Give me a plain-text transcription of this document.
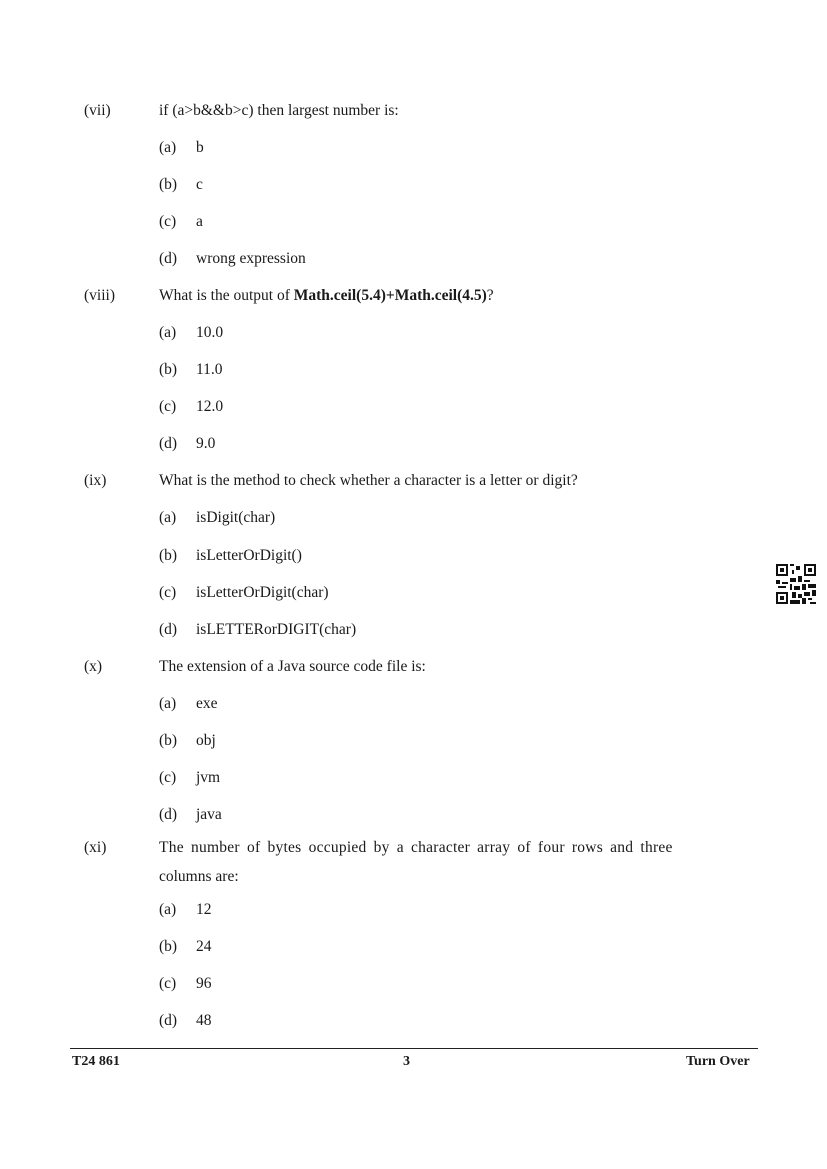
(vii)	if (a>b&&b>c) then largest number is:
(a) b
(b) c
(c) a
(d) wrong expression
(viii)	What is the output of Math.ceil(5.4)+Math.ceil(4.5)?
(a) 10.0
(b) 11.0
(c) 12.0
(d) 9.0
(ix)	What is the method to check whether a character is a letter or digit?
(a) isDigit(char)
(b) isLetterOrDigit()
(c) isLetterOrDigit(char)
(d) isLETTERorDIGIT(char)
(x)	The extension of a Java source code file is:
(a) exe
(b) obj
(c) jvm
(d) java
(xi)	The number of bytes occupied by a character array of four rows and three
columns are:
(a) 12
(b) 24
(c) 96
(d) 48
T24 861	3	Turn Over
